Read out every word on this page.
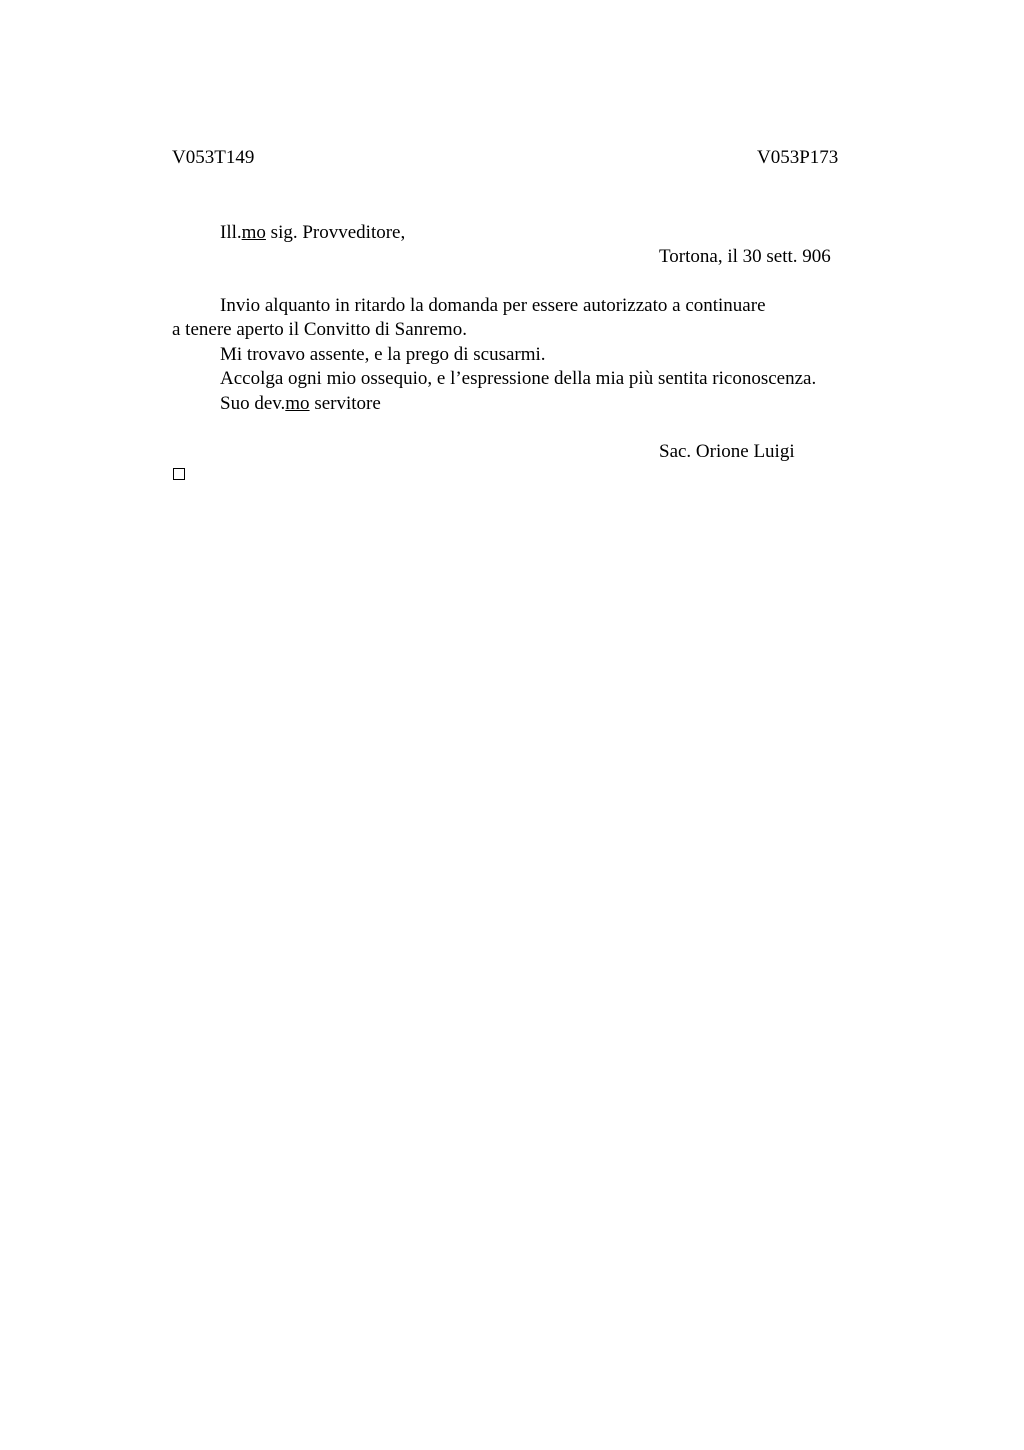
V053T149	V053P173
Ill.mo sig. Provveditore,
Tortona, il 30 sett. 906
Invio alquanto in ritardo la domanda per essere autorizzato a continuare
a tenere aperto il Convitto di Sanremo.
Mi trovavo assente, e la prego di scusarmi.
Accolga ogni mio ossequio, e l’espressione della mia più sentita riconoscenza.
Suo dev.mo servitore
Sac. Orione Luigi
